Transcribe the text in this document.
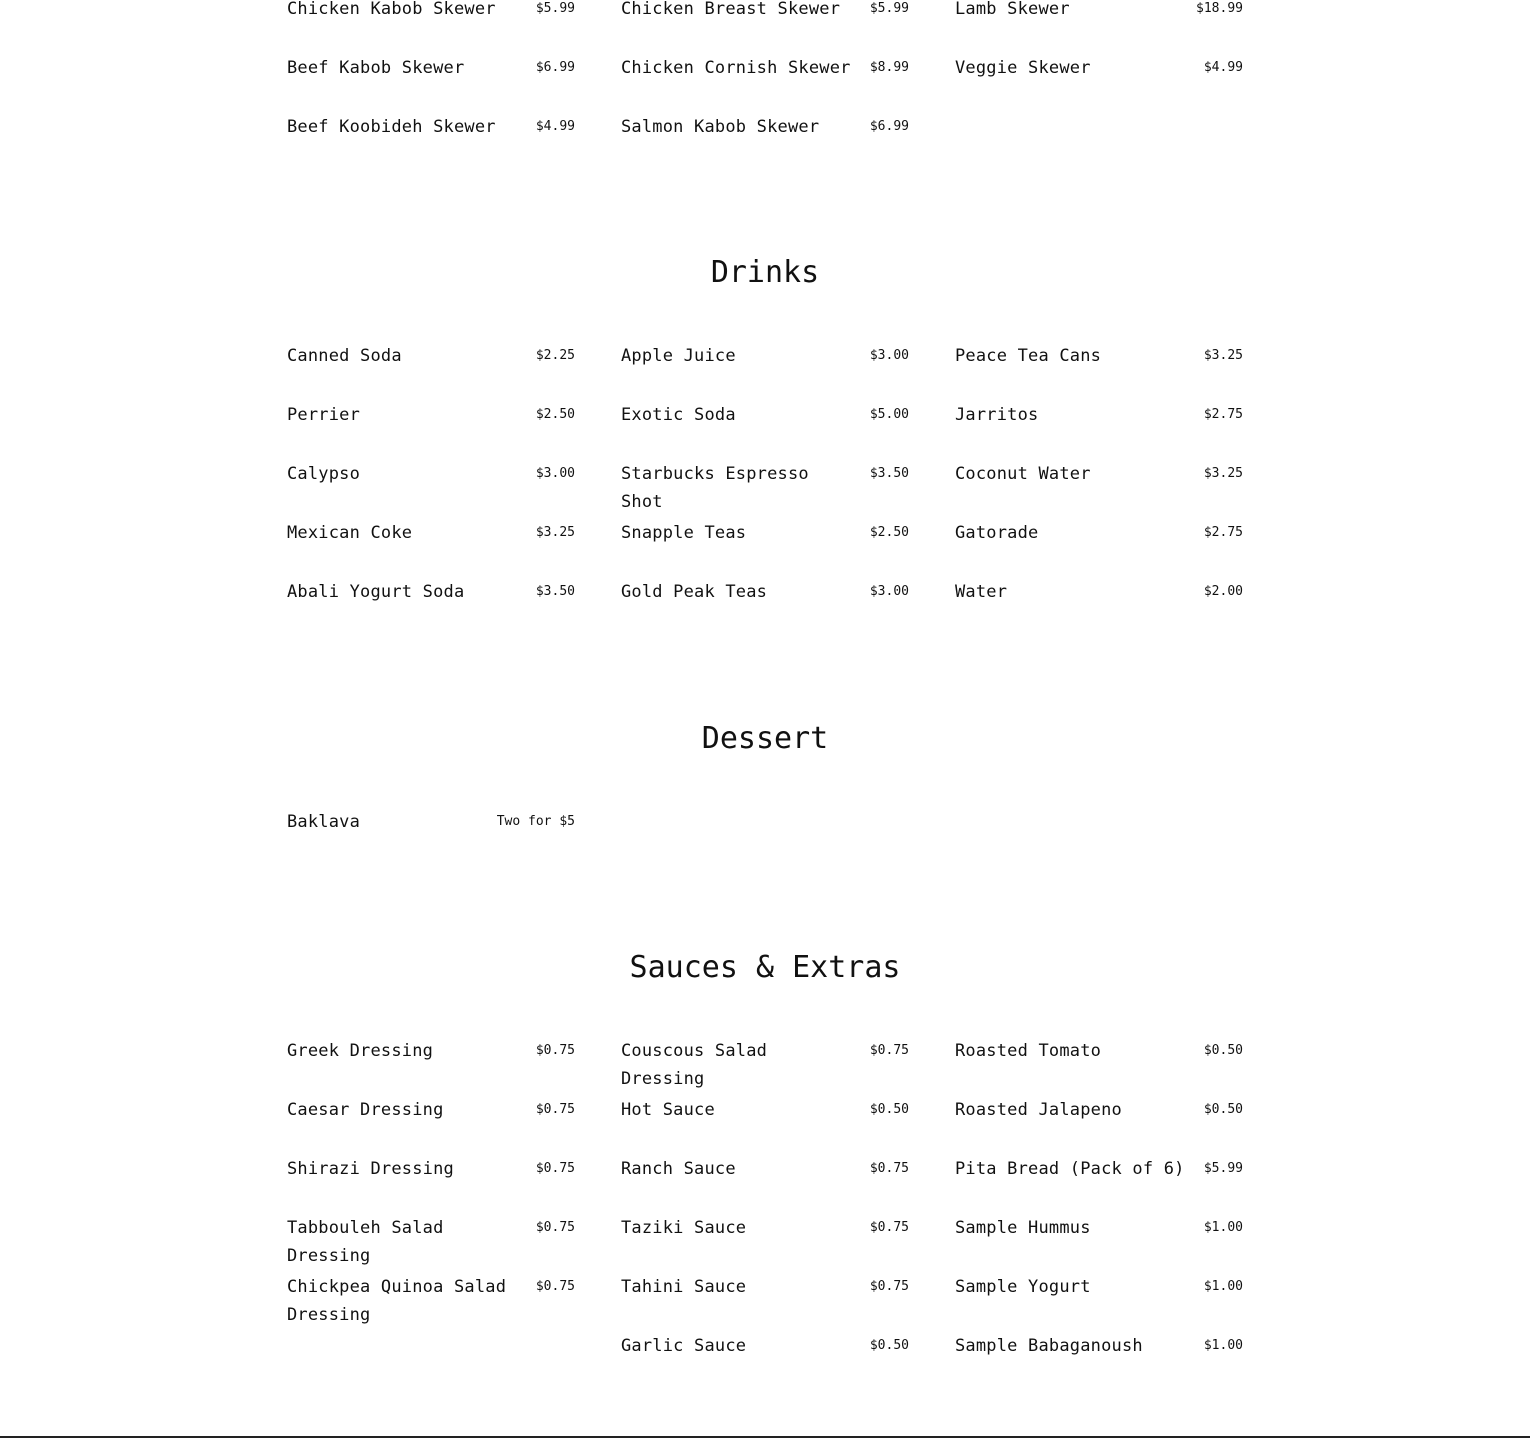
Chicken Kabob Skewer	$5.99
Beef Kabob Skewer	$6.99
Beef Koobideh Skewer	$4.99
Chicken Breast Skewer	$5.99
Chicken Cornish Skewer	$8.99
Salmon Kabob Skewer	$6.99
Lamb Skewer	$18.99
Veggie Skewer	$4.99
Drinks
Canned Soda	$2.25
Perrier	$2.50
Calypso	$3.00
Mexican Coke	$3.25
Abali Yogurt Soda	$3.50
Apple Juice	$3.00
Exotic Soda	$5.00
Starbucks Espresso Shot
$3.50
Snapple Teas	$2.50
Gold Peak Teas	$3.00
Peace Tea Cans	$3.25
Jarritos	$2.75
Coconut Water	$3.25
Gatorade	$2.75
Water	$2.00
Dessert
Baklava	Two for $5
Sauces & Extras
Greek Dressing	$0.75
Caesar Dressing	$0.75
Shirazi Dressing	$0.75
Tabbouleh Salad Dressing
$0.75
Chickpea Quinoa Salad Dressing
$0.75
Couscous Salad Dressing
$0.75
Hot Sauce	$0.50
Ranch Sauce	$0.75
Taziki Sauce	$0.75
Tahini Sauce	$0.75
Garlic Sauce	$0.50
Roasted Tomato	$0.50
Roasted Jalapeno	$0.50
Pita Bread (Pack of 6)	$5.99
Sample Hummus	$1.00
Sample Yogurt	$1.00
Sample Babaganoush	$1.00
